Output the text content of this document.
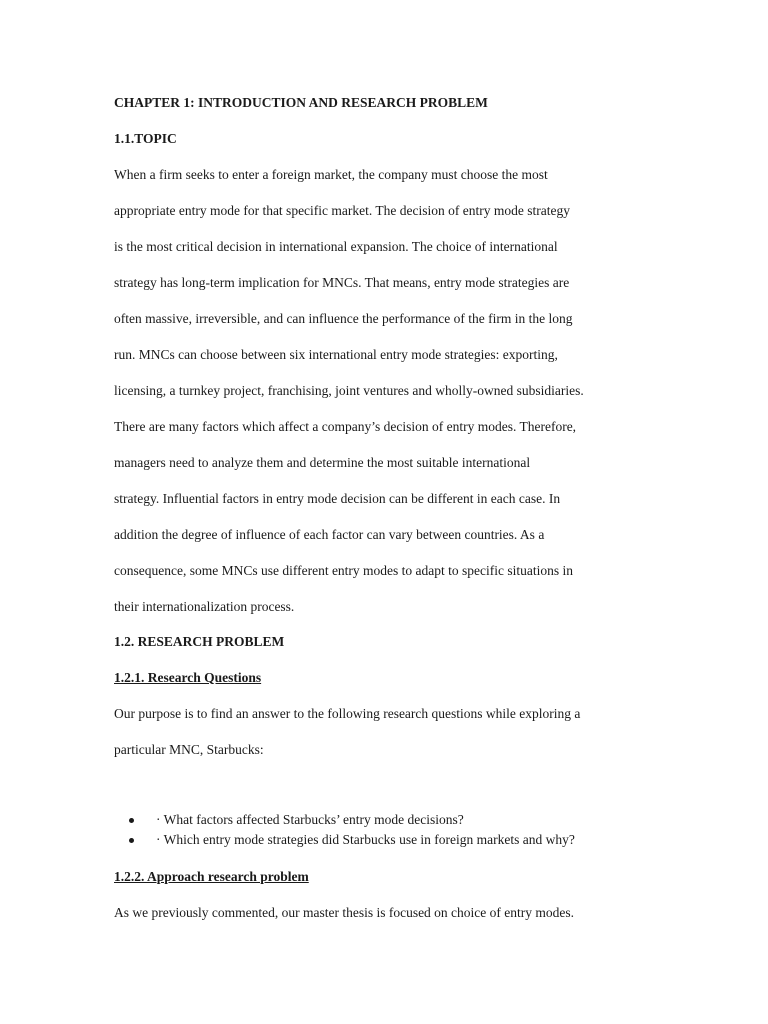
CHAPTER 1: INTRODUCTION AND RESEARCH PROBLEM
1.1.TOPIC
When a firm seeks to enter a foreign market, the company must choose the most
appropriate entry mode for that specific market. The decision of entry mode strategy
is the most critical decision in international expansion. The choice of international
strategy has long-term implication for MNCs. That means, entry mode strategies are
often massive, irreversible, and can influence the performance of the firm in the long
run. MNCs can choose between six international entry mode strategies: exporting,
licensing, a turnkey project, franchising, joint ventures and wholly-owned subsidiaries.
There are many factors which affect a company’s decision of entry modes. Therefore,
managers need to analyze them and determine the most suitable international
strategy. Influential factors in entry mode decision can be different in each case. In
addition the degree of influence of each factor can vary between countries. As a
consequence, some MNCs use different entry modes to adapt to specific situations in
their internationalization process.
1.2. RESEARCH PROBLEM
1.2.1. Research Questions
Our purpose is to find an answer to the following research questions while exploring a
particular MNC, Starbucks:
· What factors affected Starbucks’ entry mode decisions?
· Which entry mode strategies did Starbucks use in foreign markets and why?
1.2.2. Approach research problem
As we previously commented, our master thesis is focused on choice of entry modes.
